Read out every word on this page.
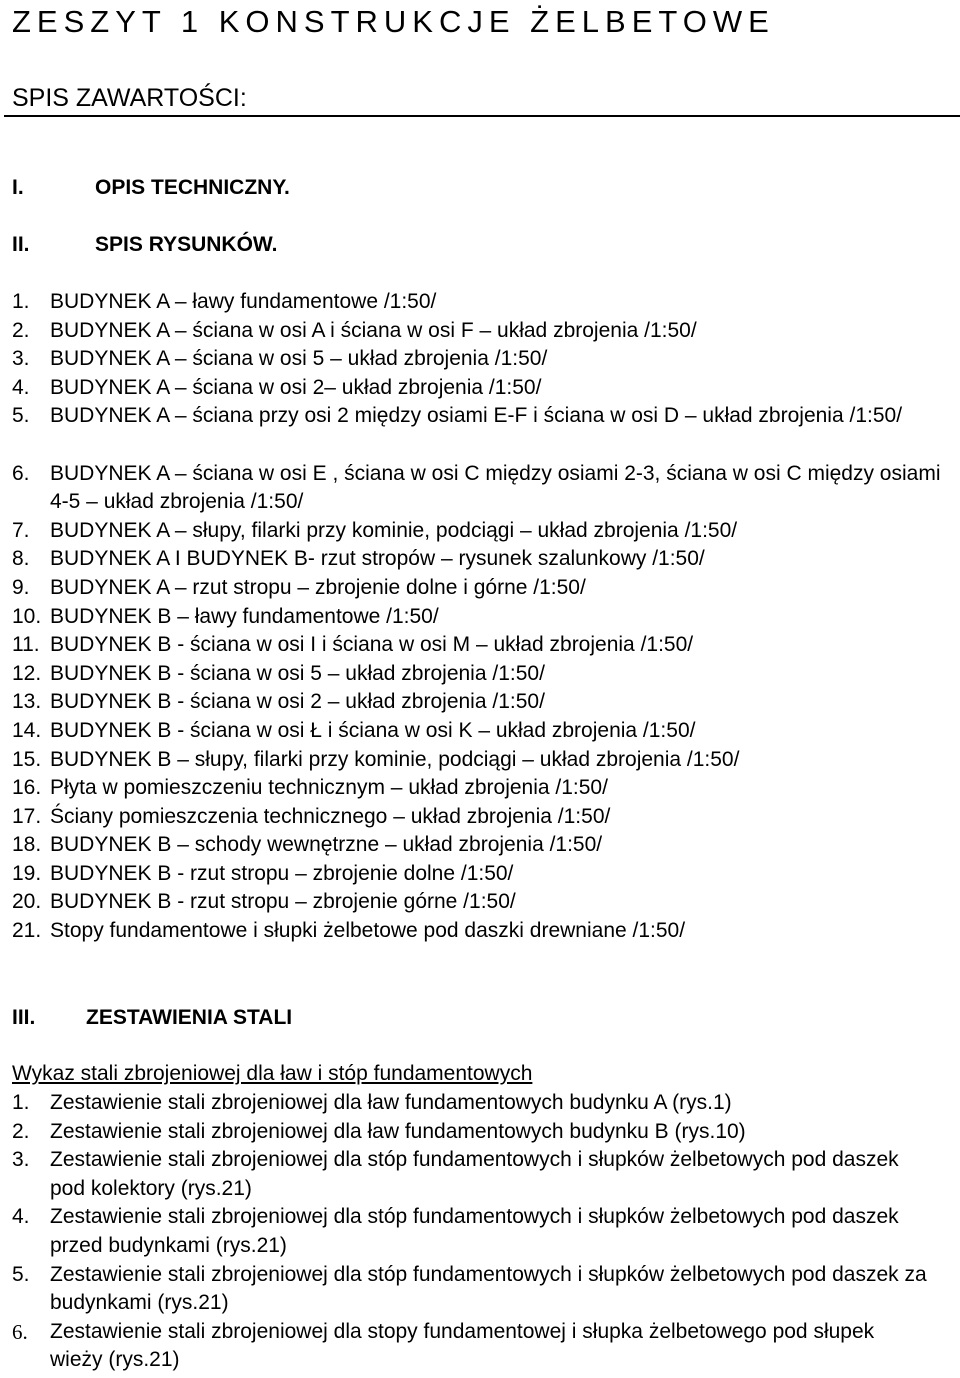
ZESZYT 1 KONSTRUKCJE ŻELBETOWE
SPIS ZAWARTOŚCI:
I.	OPIS TECHNICZNY.
II.	SPIS RYSUNKÓW.
1. BUDYNEK A – ławy fundamentowe /1:50/
2. BUDYNEK A – ściana w osi A i ściana w osi F – układ zbrojenia /1:50/
3. BUDYNEK A – ściana w osi 5 – układ zbrojenia /1:50/
4. BUDYNEK A – ściana w osi 2– układ zbrojenia /1:50/
5. BUDYNEK A – ściana przy osi 2 między osiami E-F i ściana w osi D – układ zbrojenia /1:50/
6. BUDYNEK A – ściana w osi E , ściana w osi C między osiami 2-3, ściana w osi C między osiami 4-5 – układ zbrojenia /1:50/
7. BUDYNEK A – słupy, filarki przy kominie, podciągi – układ zbrojenia /1:50/
8. BUDYNEK A I BUDYNEK B- rzut stropów – rysunek szalunkowy /1:50/
9. BUDYNEK A – rzut stropu – zbrojenie dolne i górne /1:50/
10. BUDYNEK B – ławy fundamentowe /1:50/
11. BUDYNEK B - ściana w osi I i ściana w osi M – układ zbrojenia /1:50/
12. BUDYNEK B - ściana w osi 5 – układ zbrojenia /1:50/
13. BUDYNEK B - ściana w osi 2 – układ zbrojenia /1:50/
14. BUDYNEK B - ściana w osi Ł i ściana w osi K – układ zbrojenia /1:50/
15. BUDYNEK B – słupy, filarki przy kominie, podciągi – układ zbrojenia /1:50/
16. Płyta w pomieszczeniu technicznym – układ zbrojenia /1:50/
17. Ściany pomieszczenia technicznego – układ zbrojenia /1:50/
18. BUDYNEK B – schody wewnętrzne – układ zbrojenia /1:50/
19. BUDYNEK B - rzut stropu – zbrojenie dolne /1:50/
20. BUDYNEK B - rzut stropu – zbrojenie górne /1:50/
21. Stopy fundamentowe i słupki żelbetowe pod daszki drewniane /1:50/
III. ZESTAWIENIA STALI
Wykaz stali zbrojeniowej dla ław i stóp fundamentowych
1. Zestawienie stali zbrojeniowej dla ław fundamentowych budynku A (rys.1)
2. Zestawienie stali zbrojeniowej dla ław fundamentowych budynku B (rys.10)
3. Zestawienie stali zbrojeniowej dla stóp fundamentowych i słupków żelbetowych pod daszek pod kolektory (rys.21)
4. Zestawienie stali zbrojeniowej dla stóp fundamentowych i słupków żelbetowych pod daszek przed budynkami (rys.21)
5. Zestawienie stali zbrojeniowej dla stóp fundamentowych i słupków żelbetowych pod daszek za budynkami (rys.21)
6. Zestawienie stali zbrojeniowej dla stopy fundamentowej i słupka żelbetowego pod słupek wieży (rys.21)
